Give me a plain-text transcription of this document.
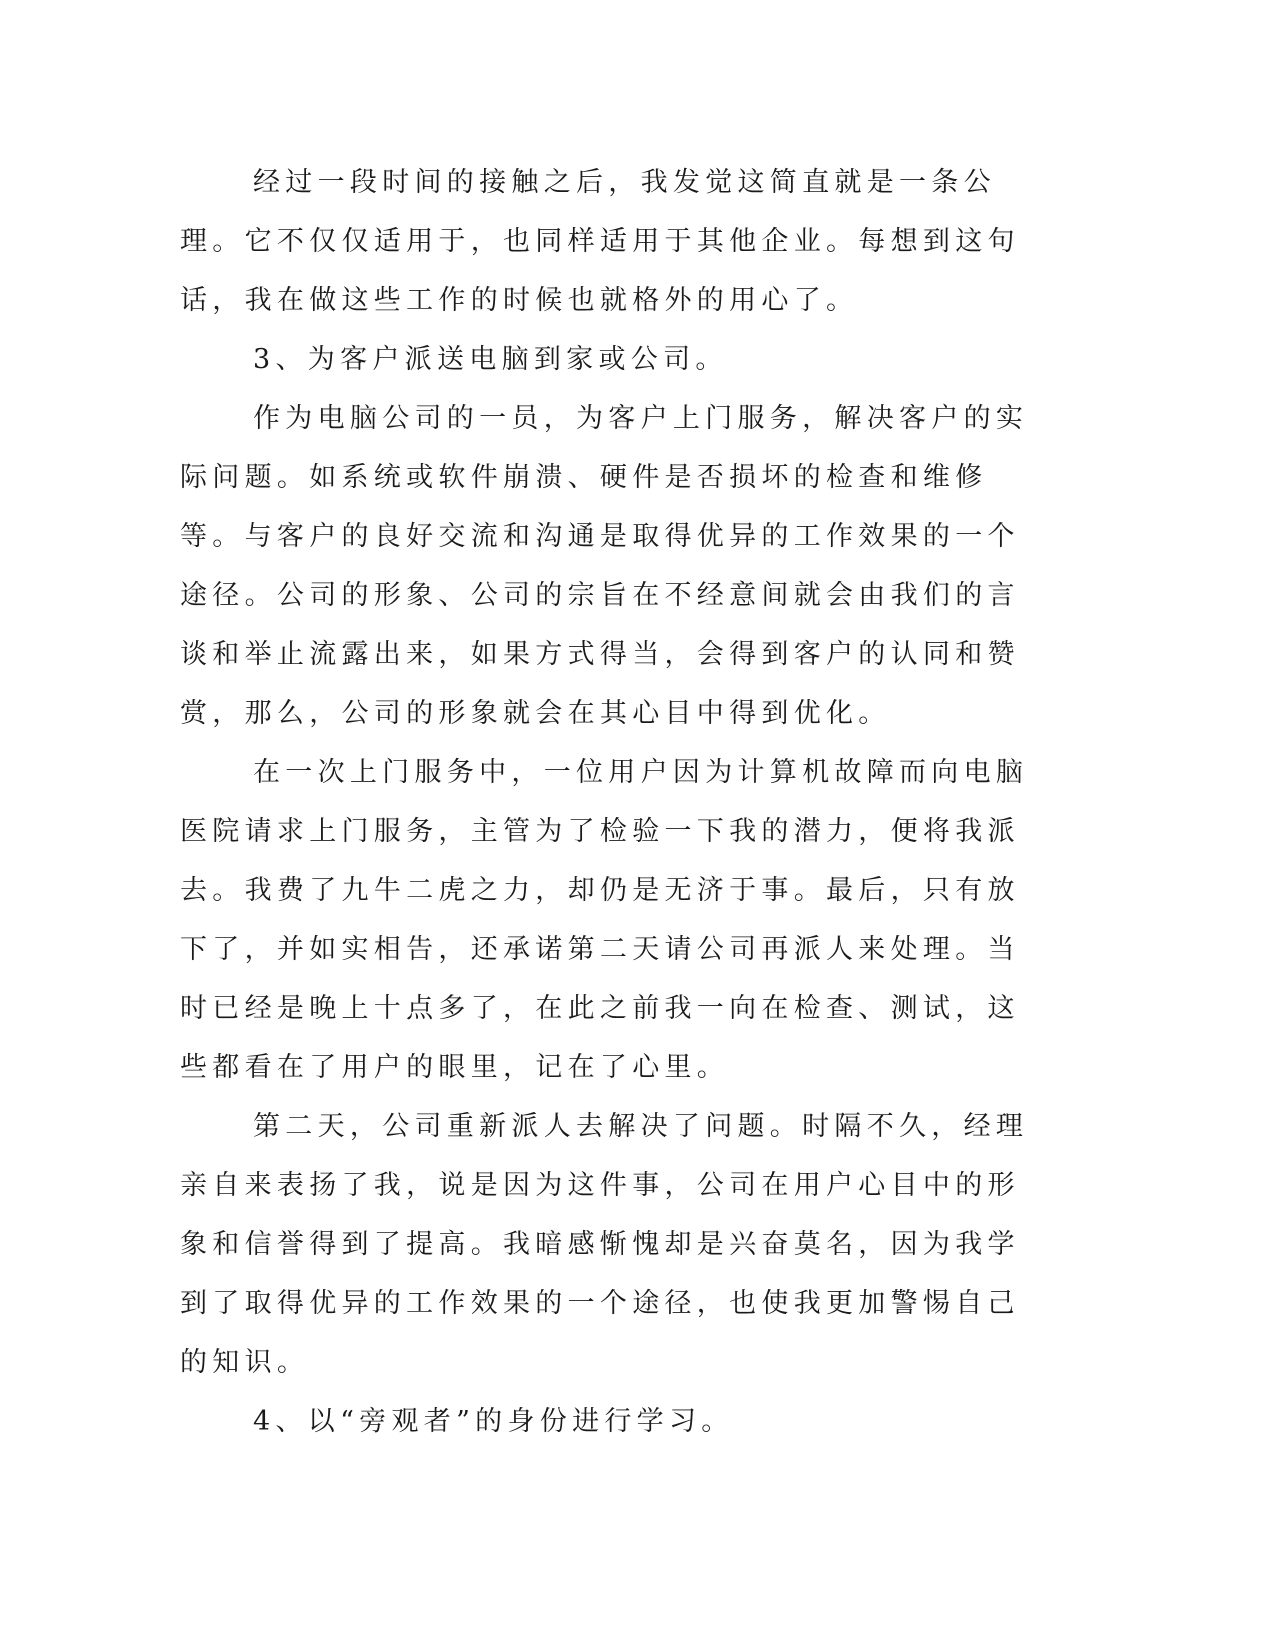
经过一段时间的接触之后，我发觉这简直就是一条公理。它不仅仅适用于，也同样适用于其他企业。每想到这句话，我在做这些工作的时候也就格外的用心了。

3、为客户派送电脑到家或公司。

作为电脑公司的一员，为客户上门服务，解决客户的实际问题。如系统或软件崩溃、硬件是否损坏的检查和维修等。与客户的良好交流和沟通是取得优异的工作效果的一个途径。公司的形象、公司的宗旨在不经意间就会由我们的言谈和举止流露出来，如果方式得当，会得到客户的认同和赞赏，那么，公司的形象就会在其心目中得到优化。

在一次上门服务中，一位用户因为计算机故障而向电脑医院请求上门服务，主管为了检验一下我的潜力，便将我派去。我费了九牛二虎之力，却仍是无济于事。最后，只有放下了，并如实相告，还承诺第二天请公司再派人来处理。当时已经是晚上十点多了，在此之前我一向在检查、测试，这些都看在了用户的眼里，记在了心里。

第二天，公司重新派人去解决了问题。时隔不久，经理亲自来表扬了我，说是因为这件事，公司在用户心目中的形象和信誉得到了提高。我暗感惭愧却是兴奋莫名，因为我学到了取得优异的工作效果的一个途径，也使我更加警惕自己的知识。

4、以“旁观者”的身份进行学习。
